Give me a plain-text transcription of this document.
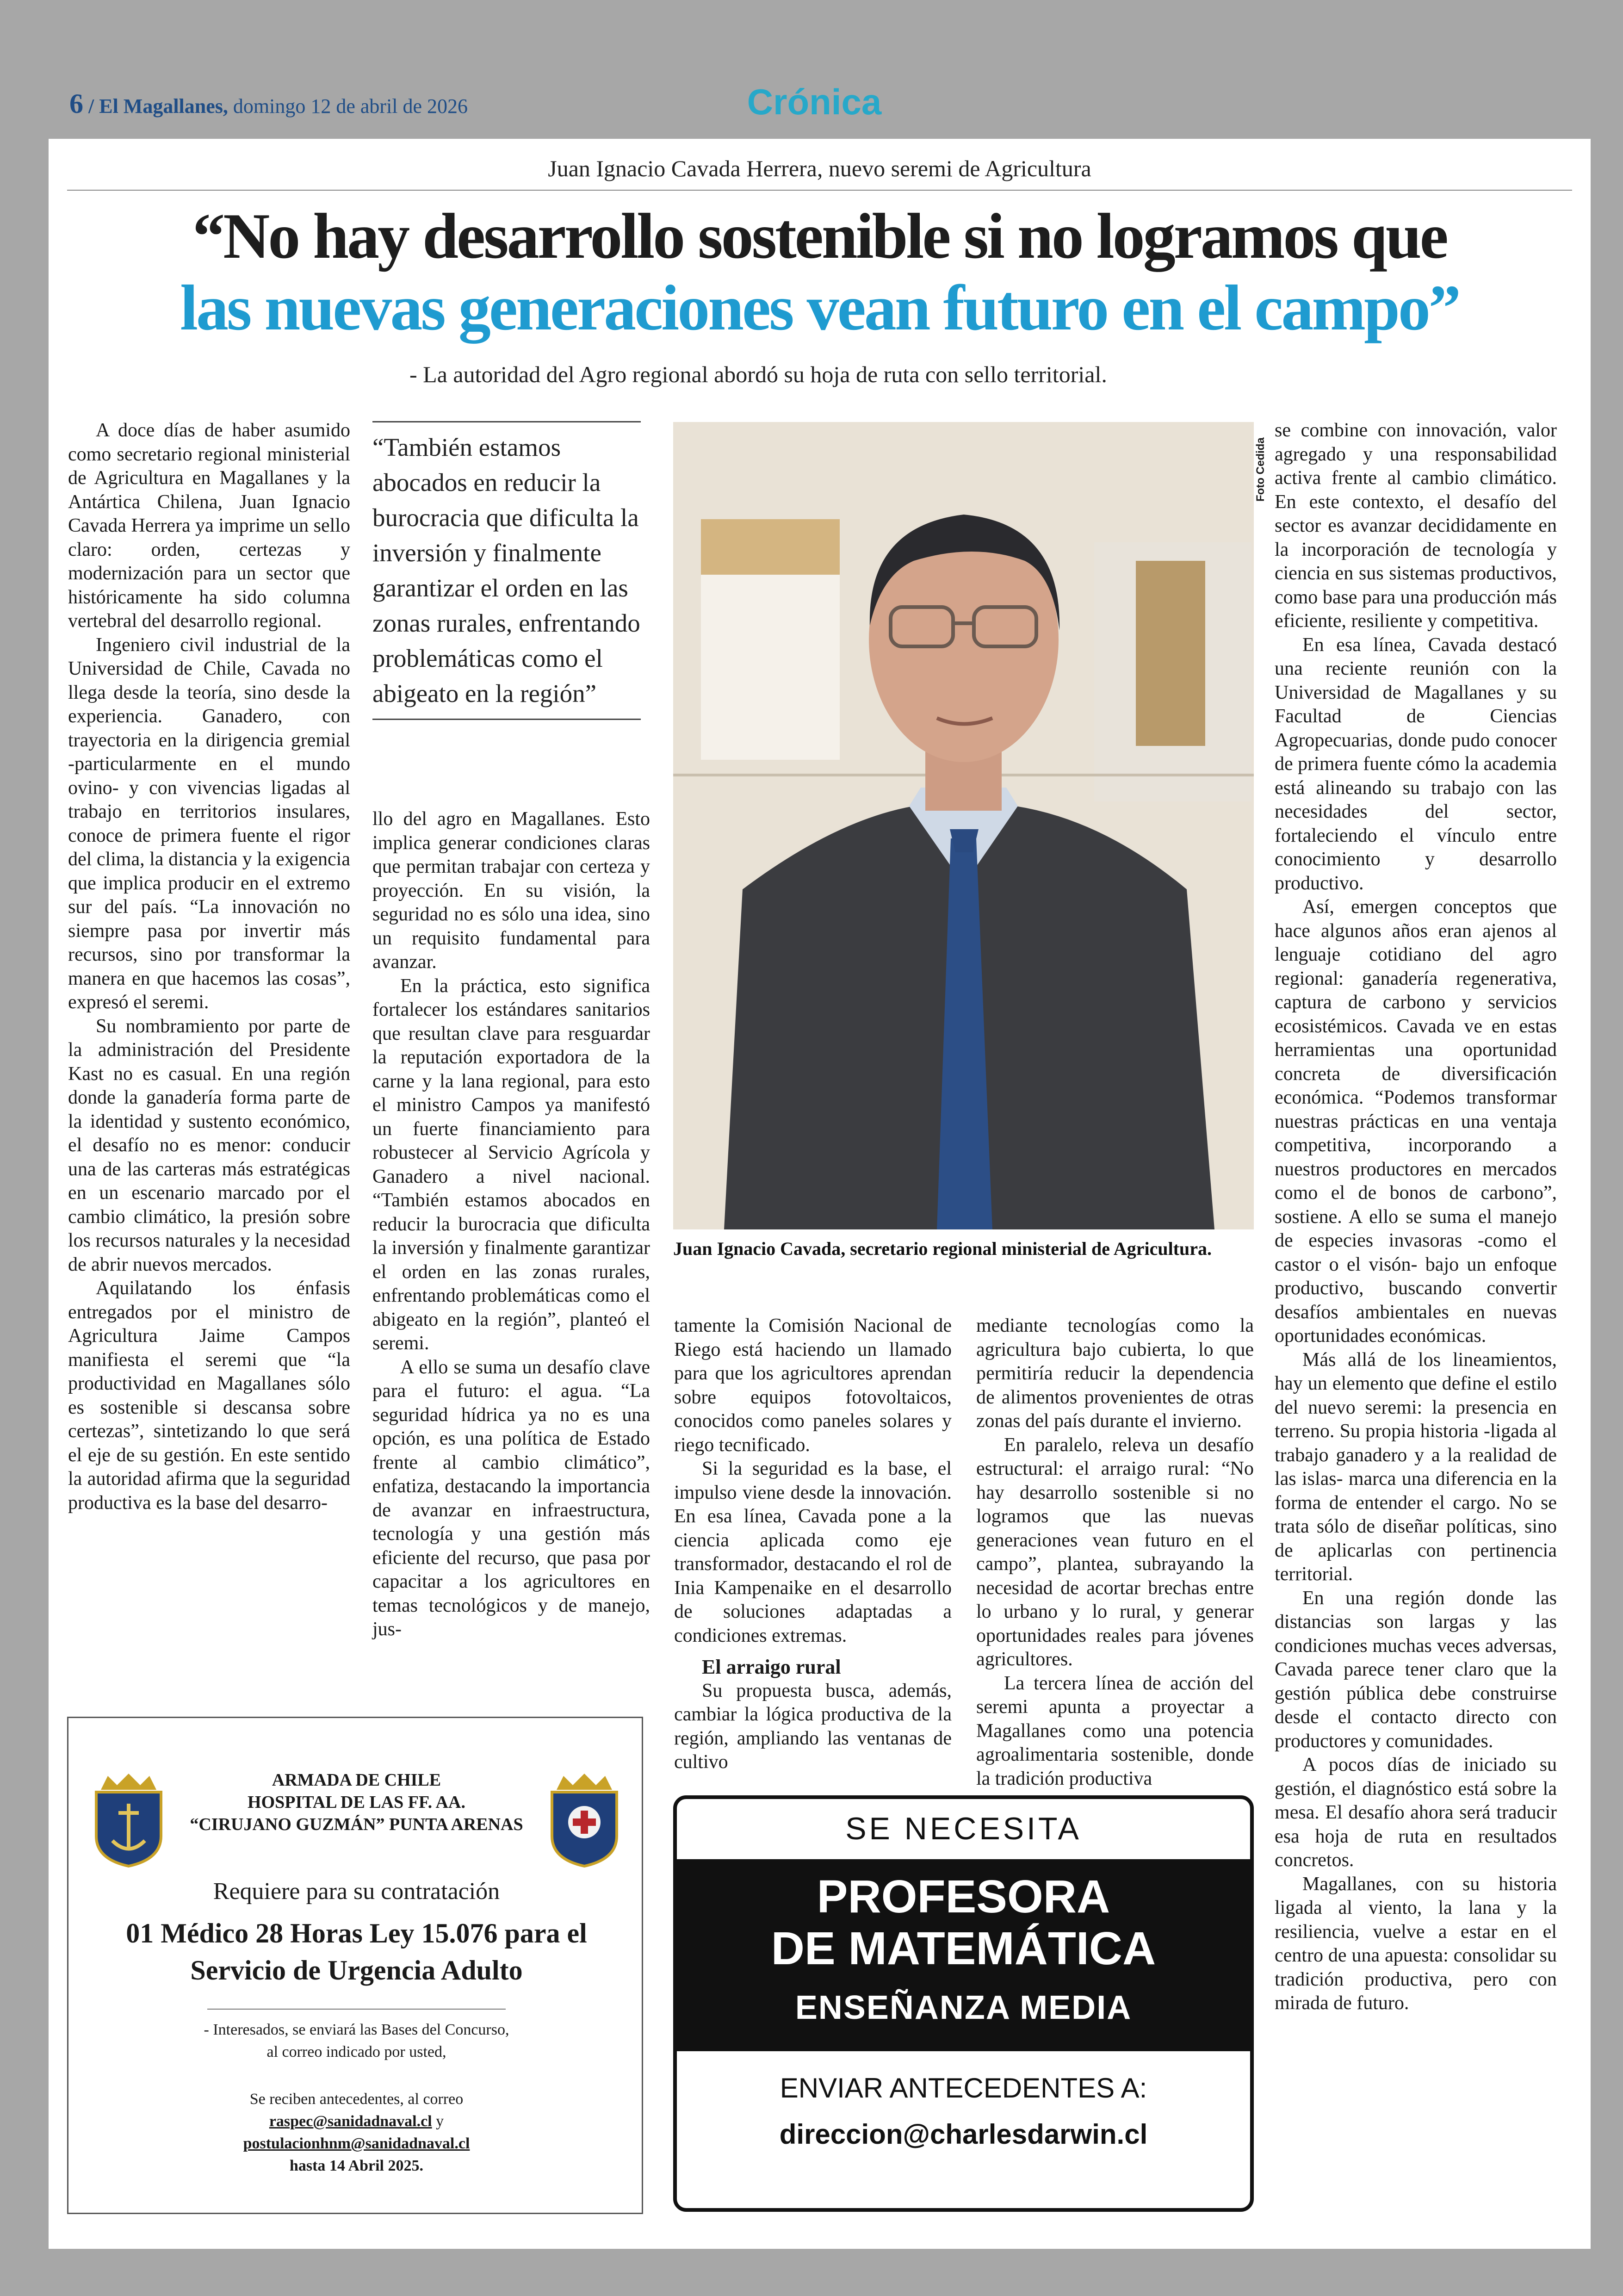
6 / El Magallanes, domingo 12 de abril de 2026	Crónica
Juan Ignacio Cavada Herrera, nuevo seremi de Agricultura
“No hay desarrollo sostenible si no logramos que
las nuevas generaciones vean futuro en el campo”
- La autoridad del Agro regional abordó su hoja de ruta con sello territorial.

A doce días de haber asumido como secretario regional ministerial de Agricultura en Magallanes y la Antártica Chilena, Juan Ignacio Cavada Herrera ya imprime un sello claro: orden, certezas y modernización para un sector que históricamente ha sido columna vertebral del desarrollo regional.

Ingeniero civil industrial de la Universidad de Chile, Cavada no llega desde la teoría, sino desde la experiencia. Ganadero, con trayectoria en la dirigencia gremial -particularmente en el mundo ovino- y con vivencias ligadas al trabajo en territorios insulares, conoce de primera fuente el rigor del clima, la distancia y la exigencia que implica producir en el extremo sur del país. “La innovación no siempre pasa por invertir más recursos, sino por transformar la manera en que hacemos las cosas”, expresó el seremi.

Su nombramiento por parte de la administración del Presidente Kast no es casual. En una región donde la ganadería forma parte de la identidad y sustento económico, el desafío no es menor: conducir una de las carteras más estratégicas en un escenario marcado por el cambio climático, la presión sobre los recursos naturales y la necesidad de abrir nuevos mercados.

Aquilatando los énfasis entregados por el ministro de Agricultura Jaime Campos manifiesta el seremi que “la productividad en Magallanes sólo es sostenible si descansa sobre certezas”, sintetizando lo que será el eje de su gestión. En este sentido la autoridad afirma que la seguridad productiva es la base del desarro-

“También estamos abocados en reducir la burocracia que dificulta la inversión y finalmente garantizar el orden en las zonas rurales, enfrentando problemáticas como el abigeato en la región”

llo del agro en Magallanes. Esto implica generar condiciones claras que permitan trabajar con certeza y proyección. En su visión, la seguridad no es sólo una idea, sino un requisito fundamental para avanzar.

En la práctica, esto significa fortalecer los estándares sanitarios que resultan clave para resguardar la reputación exportadora de la carne y la lana regional, para esto el ministro Campos ya manifestó un fuerte financiamiento para robustecer al Servicio Agrícola y Ganadero a nivel nacional. “También estamos abocados en reducir la burocracia que dificulta la inversión y finalmente garantizar el orden en las zonas rurales, enfrentando problemáticas como el abigeato en la región”, planteó el seremi.

A ello se suma un desafío clave para el futuro: el agua. “La seguridad hídrica ya no es una opción, es una política de Estado frente al cambio climático”, enfatiza, destacando la importancia de avanzar en infraestructura, tecnología y una gestión más eficiente del recurso, que pasa por capacitar a los agricultores en temas tecnológicos y de manejo, jus-

Juan Ignacio Cavada, secretario regional ministerial de Agricultura.
Foto Cedida

tamente la Comisión Nacional de Riego está haciendo un llamado para que los agricultores aprendan sobre equipos fotovoltaicos, conocidos como paneles solares y riego tecnificado.

Si la seguridad es la base, el impulso viene desde la innovación. En esa línea, Cavada pone a la ciencia aplicada como eje transformador, destacando el rol de Inia Kampenaike en el desarrollo de soluciones adaptadas a condiciones extremas.

El arraigo rural

Su propuesta busca, además, cambiar la lógica productiva de la región, ampliando las ventanas de cultivo

mediante tecnologías como la agricultura bajo cubierta, lo que permitiría reducir la dependencia de alimentos provenientes de otras zonas del país durante el invierno.

En paralelo, releva un desafío estructural: el arraigo rural: “No hay desarrollo sostenible si no logramos que las nuevas generaciones vean futuro en el campo”, plantea, subrayando la necesidad de acortar brechas entre lo urbano y lo rural, y generar oportunidades reales para jóvenes agricultores.

La tercera línea de acción del seremi apunta a proyectar a Magallanes como una potencia agroalimentaria sostenible, donde la tradición productiva

se combine con innovación, valor agregado y una responsabilidad activa frente al cambio climático. En este contexto, el desafío del sector es avanzar decididamente en la incorporación de tecnología y ciencia en sus sistemas productivos, como base para una producción más eficiente, resiliente y competitiva.

En esa línea, Cavada destacó una reciente reunión con la Universidad de Magallanes y su Facultad de Ciencias Agropecuarias, donde pudo conocer de primera fuente cómo la academia está alineando su trabajo con las necesidades del sector, fortaleciendo el vínculo entre conocimiento y desarrollo productivo.

Así, emergen conceptos que hace algunos años eran ajenos al lenguaje cotidiano del agro regional: ganadería regenerativa, captura de carbono y servicios ecosistémicos. Cavada ve en estas herramientas una oportunidad concreta de diversificación económica. “Podemos transformar nuestras prácticas en una ventaja competitiva, incorporando a nuestros productores en mercados como el de bonos de carbono”, sostiene. A ello se suma el manejo de especies invasoras -como el castor o el visón- bajo un enfoque productivo, buscando convertir desafíos ambientales en nuevas oportunidades económicas.

Más allá de los lineamientos, hay un elemento que define el estilo del nuevo seremi: la presencia en terreno. Su propia historia -ligada al trabajo ganadero y a la realidad de las islas- marca una diferencia en la forma de entender el cargo. No se trata sólo de diseñar políticas, sino de aplicarlas con pertinencia territorial.

En una región donde las distancias son largas y las condiciones muchas veces adversas, Cavada parece tener claro que la gestión pública debe construirse desde el contacto directo con productores y comunidades.

A pocos días de iniciado su gestión, el diagnóstico está sobre la mesa. El desafío ahora será traducir esa hoja de ruta en resultados concretos.

Magallanes, con su historia ligada al viento, la lana y la resiliencia, vuelve a estar en el centro de una apuesta: consolidar su tradición productiva, pero con mirada de futuro.

ARMADA DE CHILE
HOSPITAL DE LAS FF. AA.
“CIRUJANO GUZMÁN” PUNTA ARENAS
Requiere para su contratación
01 Médico 28 Horas Ley 15.076 para el
Servicio de Urgencia Adulto
- Interesados, se enviará las Bases del Concurso,
al correo indicado por usted,
Se reciben antecedentes, al correo
raspec@sanidadnaval.cl y
postulacionhnm@sanidadnaval.cl
hasta 14 Abril 2025.
SE NECESITA
PROFESORA
DE MATEMÁTICA
ENSEÑANZA MEDIA
ENVIAR ANTECEDENTES A:
direccion@charlesdarwin.cl
